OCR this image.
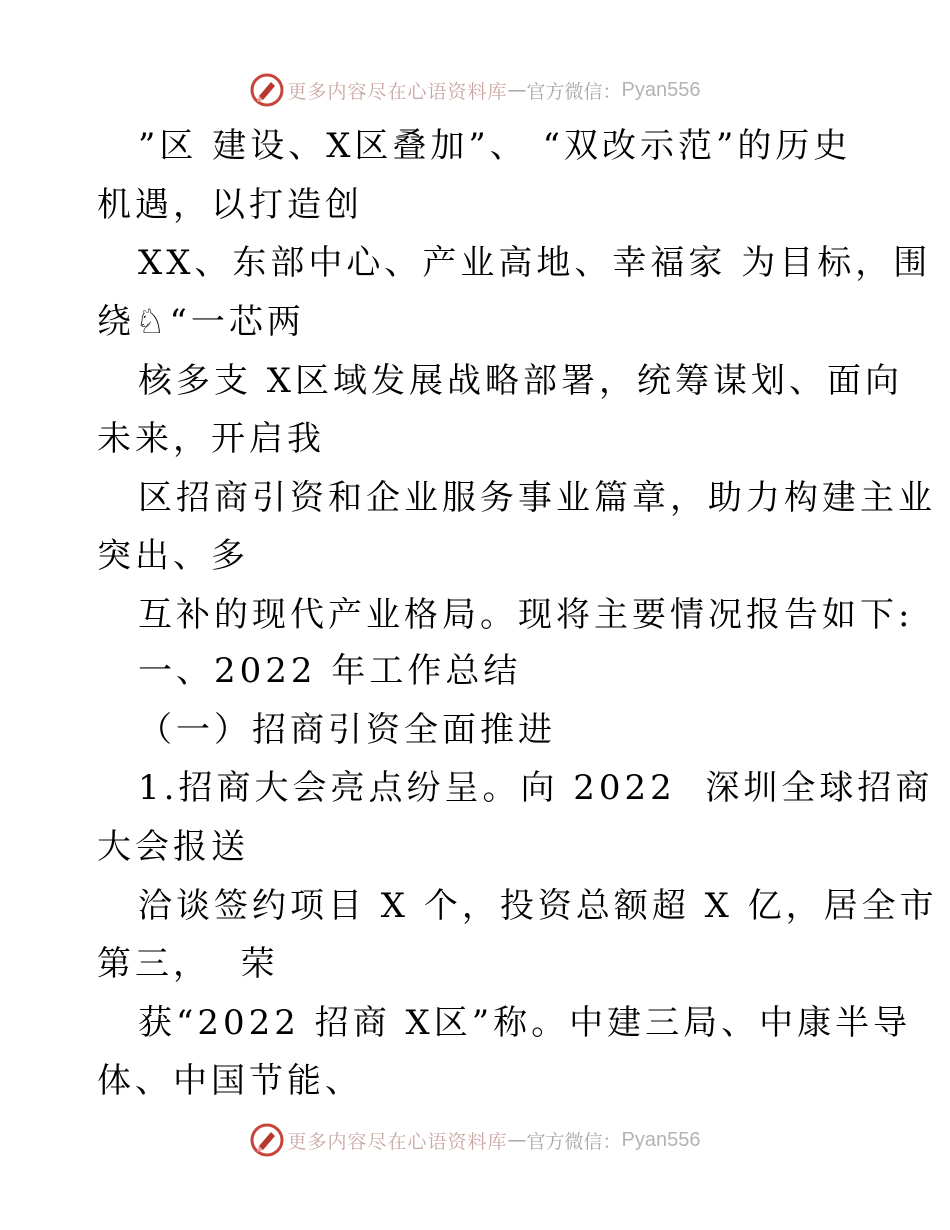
更多内容尽在心语资料库 — 官方微信： Pyan556
”区 建设、X区叠加”、 “双改示范”的历史
机遇，以打造创
XX、东部中心、产业高地、幸福家 为目标，围
绕♘“一芯两
核多支 X区域发展战略部署，统筹谋划、面向
未来，开启我
区招商引资和企业服务事业篇章，助力构建主业
突出、多
互补的现代产业格局。现将主要情况报告如下:
一、2022 年工作总结
（一）招商引资全面推进
1.招商大会亮点纷呈。向 2022  深圳全球招商
大会报送
洽谈签约项目 X 个，投资总额超 X 亿，居全市
第三，  荣
获“2022 招商 X区”称。中建三局、中康半导
体、中国节能、
更多内容尽在心语资料库 — 官方微信： Pyan556
